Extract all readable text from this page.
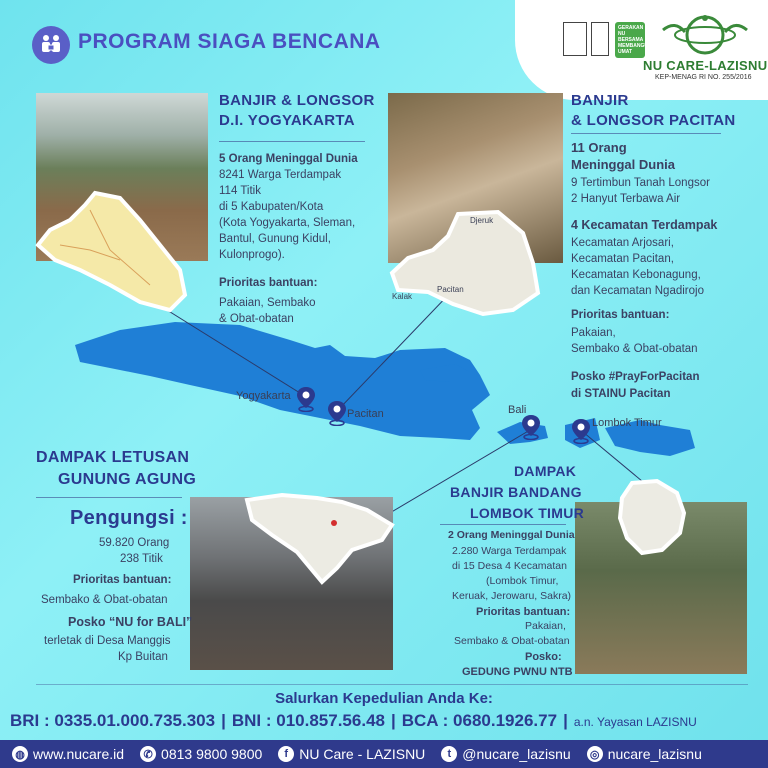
PROGRAM SIAGA BENCANA
GERAKAN NU BERSAMA MEMBANGUN UMAT
NU CARE-LAZISNU
KEP-MENAG RI NO. 255/2016
Yogyakarta
Pacitan	Bali
Lombok Timur
Djeruk
Pacitan
Kalak
BANJIR & LONGSOR
D.I. YOGYAKARTA
5 Orang Meninggal Dunia
8241 Warga Terdampak
114 Titik
di 5 Kabupaten/Kota
(Kota Yogyakarta, Sleman,
Bantul, Gunung Kidul,
Kulonprogo).
Prioritas bantuan:
Pakaian, Sembako
& Obat-obatan
BANJIR
& LONGSOR PACITAN
11 Orang
Meninggal Dunia
9 Tertimbun Tanah Longsor
2 Hanyut Terbawa Air
4 Kecamatan Terdampak
Kecamatan Arjosari,
Kecamatan Pacitan,
Kecamatan Kebonagung,
dan Kecamatan Ngadirojo
Prioritas bantuan:
Pakaian,
Sembako & Obat-obatan
Posko #PrayForPacitan
di STAINU Pacitan
DAMPAK LETUSAN
GUNUNG AGUNG
Pengungsi :
59.820 Orang
238 Titik
Prioritas bantuan:
Sembako & Obat-obatan
Posko “NU for BALI”
terletak di Desa Manggis
Kp Buitan
DAMPAK
BANJIR BANDANG
LOMBOK TIMUR
2 Orang Meninggal Dunia
2.280 Warga Terdampak
di 15 Desa 4 Kecamatan
(Lombok Timur,
Keruak, Jerowaru, Sakra)
Prioritas bantuan:
Pakaian,
Sembako & Obat-obatan
Posko:
GEDUNG PWNU NTB
Salurkan Kepedulian Anda Ke:
BRI : 0335.01.000.735.303 | BNI : 010.857.56.48 | BCA : 0680.1926.77 | a.n. Yayasan LAZISNU
◍ www.nucare.id	✆ 0813 9800 9800	f NU Care - LAZISNU	t @nucare_lazisnu ◎ nucare_lazisnu
